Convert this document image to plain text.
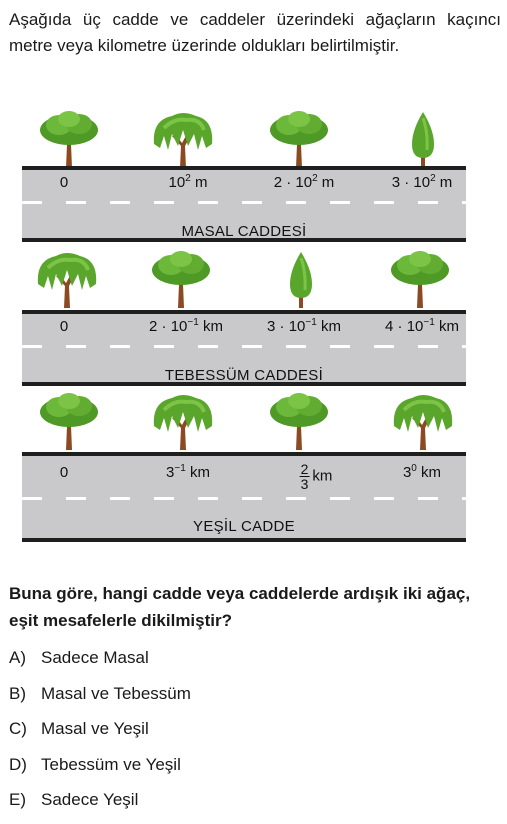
Aşağıda üç cadde ve caddeler üzerindeki ağaçların kaçıncı metre veya kilometre üzerinde oldukları belirtilmiştir.
0	$10^2$ m	$2 \cdot 10^2$ m	$3 \cdot 10^2$ m
MASAL CADDESİ
0	$2 \cdot 10^{-1}$ km	$3 \cdot 10^{-1}$ km	$4 \cdot 10^{-1}$ km
TEBESSÜM CADDESİ
0	$3^{-1}$ km	$\frac{2}{3}$ km	$3^0$ km
YEŞİL CADDE
Buna göre, hangi cadde veya caddelerde ardışık iki ağaç, eşit mesafelerle dikilmiştir?
A) Sadece Masal
B) Masal ve Tebessüm
C) Masal ve Yeşil
D) Tebessüm ve Yeşil
E) Sadece Yeşil
